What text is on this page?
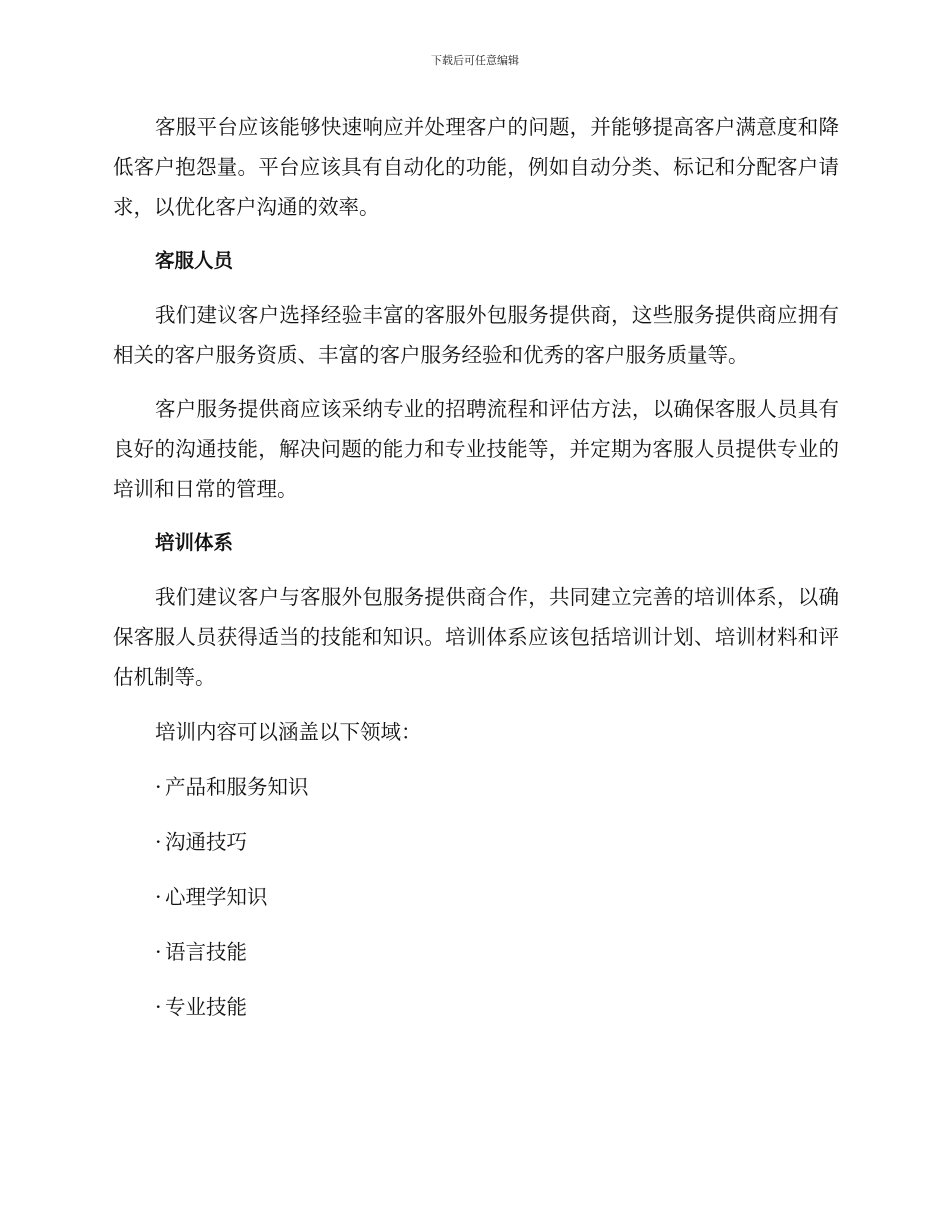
下载后可任意编辑

客服平台应该能够快速响应并处理客户的问题，并能够提高客户满意度和降低客户抱怨量。平台应该具有自动化的功能，例如自动分类、标记和分配客户请求，以优化客户沟通的效率。

客服人员

我们建议客户选择经验丰富的客服外包服务提供商，这些服务提供商应拥有相关的客户服务资质、丰富的客户服务经验和优秀的客户服务质量等。

客户服务提供商应该采纳专业的招聘流程和评估方法，以确保客服人员具有良好的沟通技能，解决问题的能力和专业技能等，并定期为客服人员提供专业的培训和日常的管理。

培训体系

我们建议客户与客服外包服务提供商合作，共同建立完善的培训体系，以确保客服人员获得适当的技能和知识。培训体系应该包括培训计划、培训材料和评估机制等。

培训内容可以涵盖以下领域：

· 产品和服务知识
· 沟通技巧
· 心理学知识
· 语言技能
· 专业技能
